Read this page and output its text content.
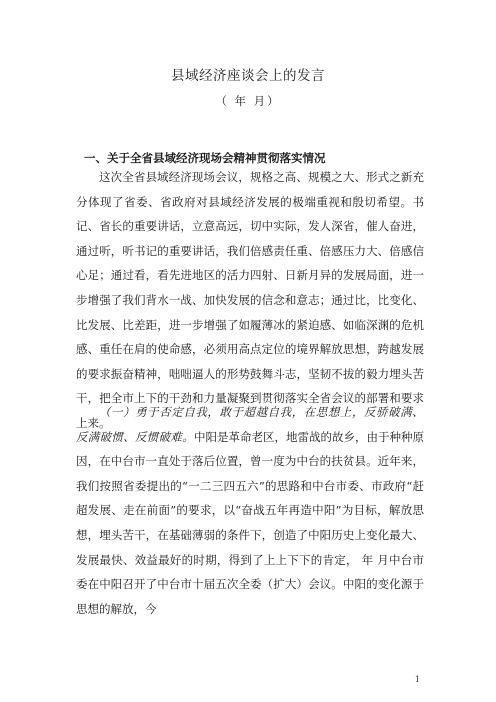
县域经济座谈会上的发言
（ 年 月）
一、关于全省县域经济现场会精神贯彻落实情况

这次全省县域经济现场会议，规格之高、规模之大、形式之新充分体现了省委、省政府对县域经济发展的极端重视和殷切希望。书记、省长的重要讲话，立意高远，切中实际，发人深省，催人奋进，通过听，听书记的重要讲话，我们倍感责任重、倍感压力大、倍感信心足；通过看，看先进地区的活力四射、日新月异的发展局面，进一步增强了我们背水一战、加快发展的信念和意志；通过比，比变化、比发展、比差距，进一步增强了如履薄冰的紧迫感、如临深渊的危机感、重任在肩的使命感，必须用高点定位的境界解放思想，跨越发展的要求振奋精神，咄咄逼人的形势鼓舞斗志，坚韧不拔的毅力埋头苦干，把全市上下的干劲和力量凝聚到贯彻落实全省会议的部署和要求上来。

（一）勇于否定自我，敢于超越自我，在思想上，反骄破满、反满破惯、反惯破难。中阳是革命老区，地雷战的故乡，由于种种原因，在中台市一直处于落后位置，曾一度为中台的扶贫县。近年来，我们按照省委提出的“一二三四五六”的思路和中台市委、市政府“赶超发展、走在前面”的要求，以“奋战五年再造中阳”为目标，解放思想，埋头苦干，在基础薄弱的条件下，创造了中阳历史上变化最大、发展最快、效益最好的时期，得到了上上下下的肯定， 年 月中台市委在中阳召开了中台市十届五次全委（扩大）会议。中阳的变化源于思想的解放，今

1
